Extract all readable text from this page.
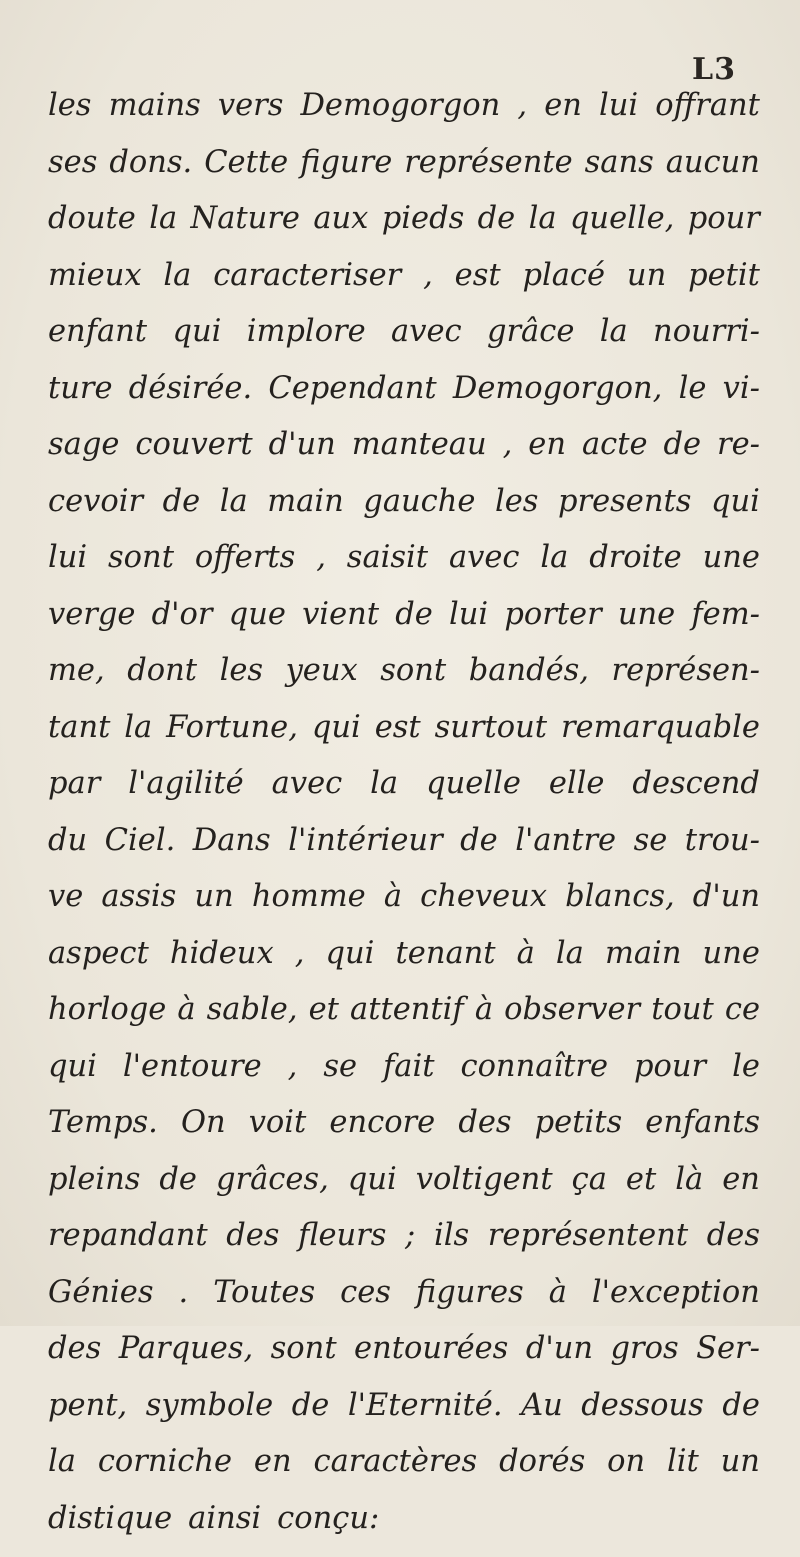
L3
les mains vers Demogorgon , en lui offrant
ses dons. Cette figure représente sans aucun
doute la Nature aux pieds de la quelle, pour
mieux la caracteriser , est placé un petit
enfant qui implore avec grâce la nourri-
ture désirée. Cependant Demogorgon, le vi-
sage couvert d'un manteau , en acte de re-
cevoir de la main gauche les presents qui
lui sont offerts , saisit avec la droite une
verge d'or que vient de lui porter une fem-
me, dont les yeux sont bandés, représen-
tant la Fortune, qui est surtout remarquable
par l'agilité avec la quelle elle descend
du Ciel. Dans l'intérieur de l'antre se trou-
ve assis un homme à cheveux blancs, d'un
aspect hideux , qui tenant à la main une
horloge à sable, et attentif à observer tout ce
qui l'entoure , se fait connaître pour le
Temps. On voit encore des petits enfants
pleins de grâces, qui voltigent ça et là en
repandant des fleurs ; ils représentent des
Génies . Toutes ces figures à l'exception
des Parques, sont entourées d'un gros Ser-
pent, symbole de l'Eternité. Au dessous de
la corniche en caractères dorés on lit un
distique ainsi conçu:
